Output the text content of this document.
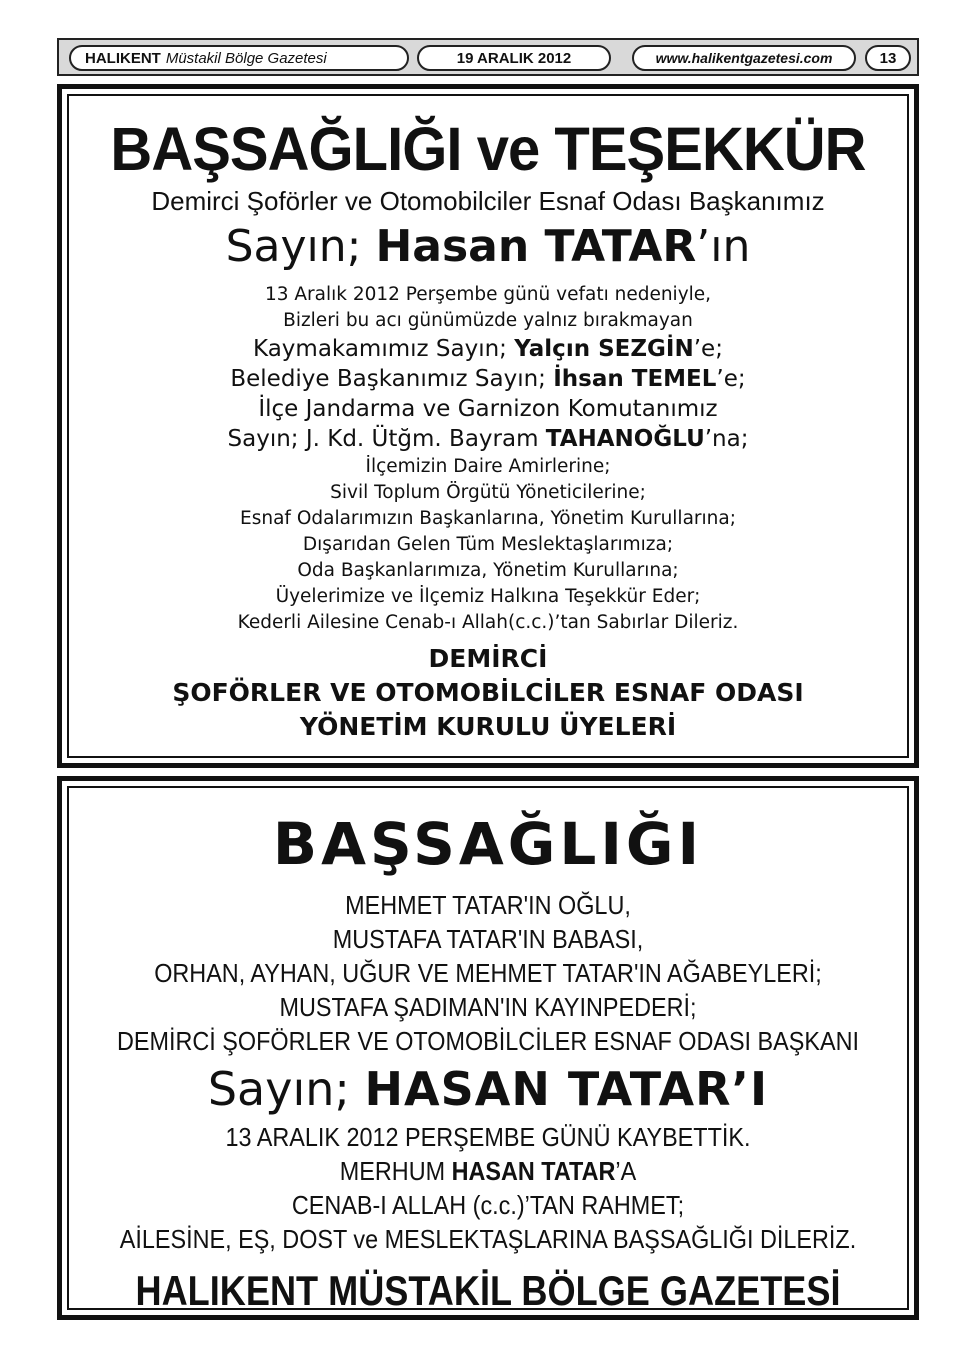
HALIKENT Müstakil Bölge Gazetesi	19 ARALIK 2012	www.halikentgazetesi.com	13
BAŞSAĞLIĞI ve TEŞEKKÜR
Demirci Şoförler ve Otomobilciler Esnaf Odası Başkanımız
Sayın; Hasan TATAR’ın
13 Aralık 2012 Perşembe günü vefatı nedeniyle,
Bizleri bu acı günümüzde yalnız bırakmayan
Kaymakamımız Sayın; Yalçın SEZGİN’e;
Belediye Başkanımız Sayın; İhsan TEMEL’e;
İlçe Jandarma ve Garnizon Komutanımız
Sayın; J. Kd. Ütğm. Bayram TAHANOĞLU’na;
İlçemizin Daire Amirlerine;
Sivil Toplum Örgütü Yöneticilerine;
Esnaf Odalarımızın Başkanlarına, Yönetim Kurullarına;
Dışarıdan Gelen Tüm Meslektaşlarımıza;
Oda Başkanlarımıza, Yönetim Kurullarına;
Üyelerimize ve İlçemiz Halkına Teşekkür Eder;
Kederli Ailesine Cenab-ı Allah(c.c.)’tan Sabırlar Dileriz.
DEMİRCİ
ŞOFÖRLER VE OTOMOBİLCİLER ESNAF ODASI
YÖNETİM KURULU ÜYELERİ
BAŞSAĞLIĞI
MEHMET TATAR'IN OĞLU,
MUSTAFA TATAR'IN BABASI,
ORHAN, AYHAN, UĞUR VE MEHMET TATAR'IN AĞABEYLERİ;
MUSTAFA ŞADIMAN'IN KAYINPEDERİ;
DEMİRCİ ŞOFÖRLER VE OTOMOBİLCİLER ESNAF ODASI BAŞKANI
Sayın; HASAN TATAR’I
13 ARALIK 2012 PERŞEMBE GÜNÜ KAYBETTİK.
MERHUM HASAN TATAR’A
CENAB-I ALLAH (c.c.)’TAN RAHMET;
AİLESİNE, EŞ, DOST ve MESLEKTAŞLARINA BAŞSAĞLIĞI DİLERİZ.
HALIKENT MÜSTAKİL BÖLGE GAZETESİ
